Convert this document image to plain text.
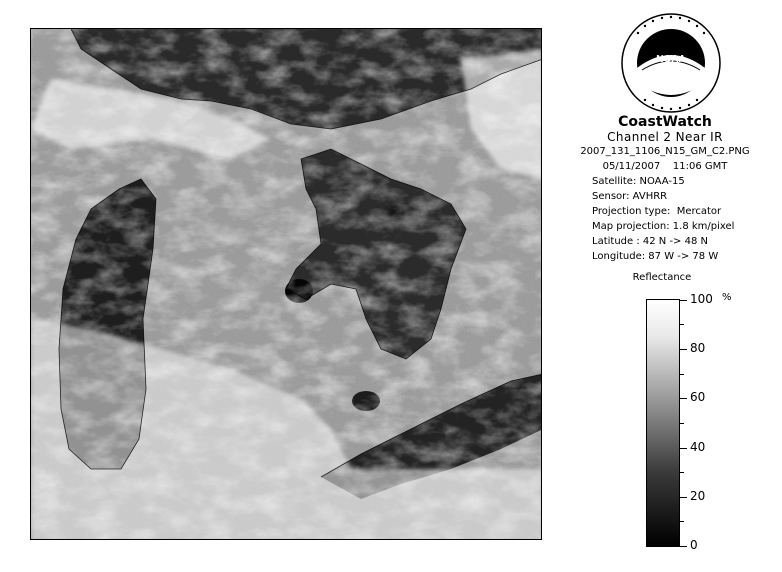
NOAA
CoastWatch
Channel 2 Near IR
2007_131_1106_N15_GM_C2.PNG
05/11/2007    11:06 GMT
Satellite: NOAA-15
Sensor: AVHRR
Projection type:  Mercator
Map projection: 1.8 km/pixel
Latitude : 42 N -> 48 N
Longitude: 87 W -> 78 W
Reflectance
%
100
80
60
40
20
0
